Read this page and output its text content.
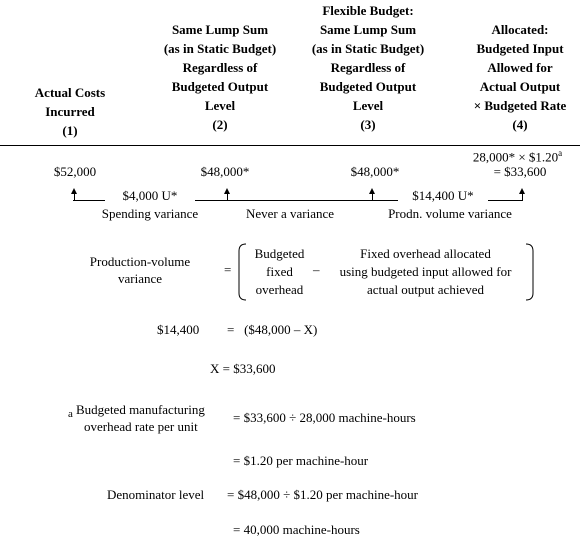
Actual Costs
Incurred
(1)
Same Lump Sum
(as in Static Budget)
Regardless of
Budgeted Output
Level
(2)
Flexible Budget:
Same Lump Sum
(as in Static Budget)
Regardless of
Budgeted Output
Level
(3)
Allocated:
Budgeted Input
Allowed for
Actual Output
× Budgeted Rate
(4)
$52,000	$48,000*	$48,000*
28,000* × $1.20$^a$
= $33,600
$4,000 U*	$14,400 U*
Spending variance	Never a variance	Prodn. volume variance
Production-volume
variance
=
Budgeted
fixed
overhead
–
Fixed overhead allocated
using budgeted input allowed for
actual output achieved
$14,400 =   ($48,000 – X)
X = $33,600
a Budgeted manufacturing
overhead rate per unit
= $33,600 ÷ 28,000 machine-hours
= $1.20 per machine-hour
Denominator level = $48,000 ÷ $1.20 per machine-hour
= 40,000 machine-hours
